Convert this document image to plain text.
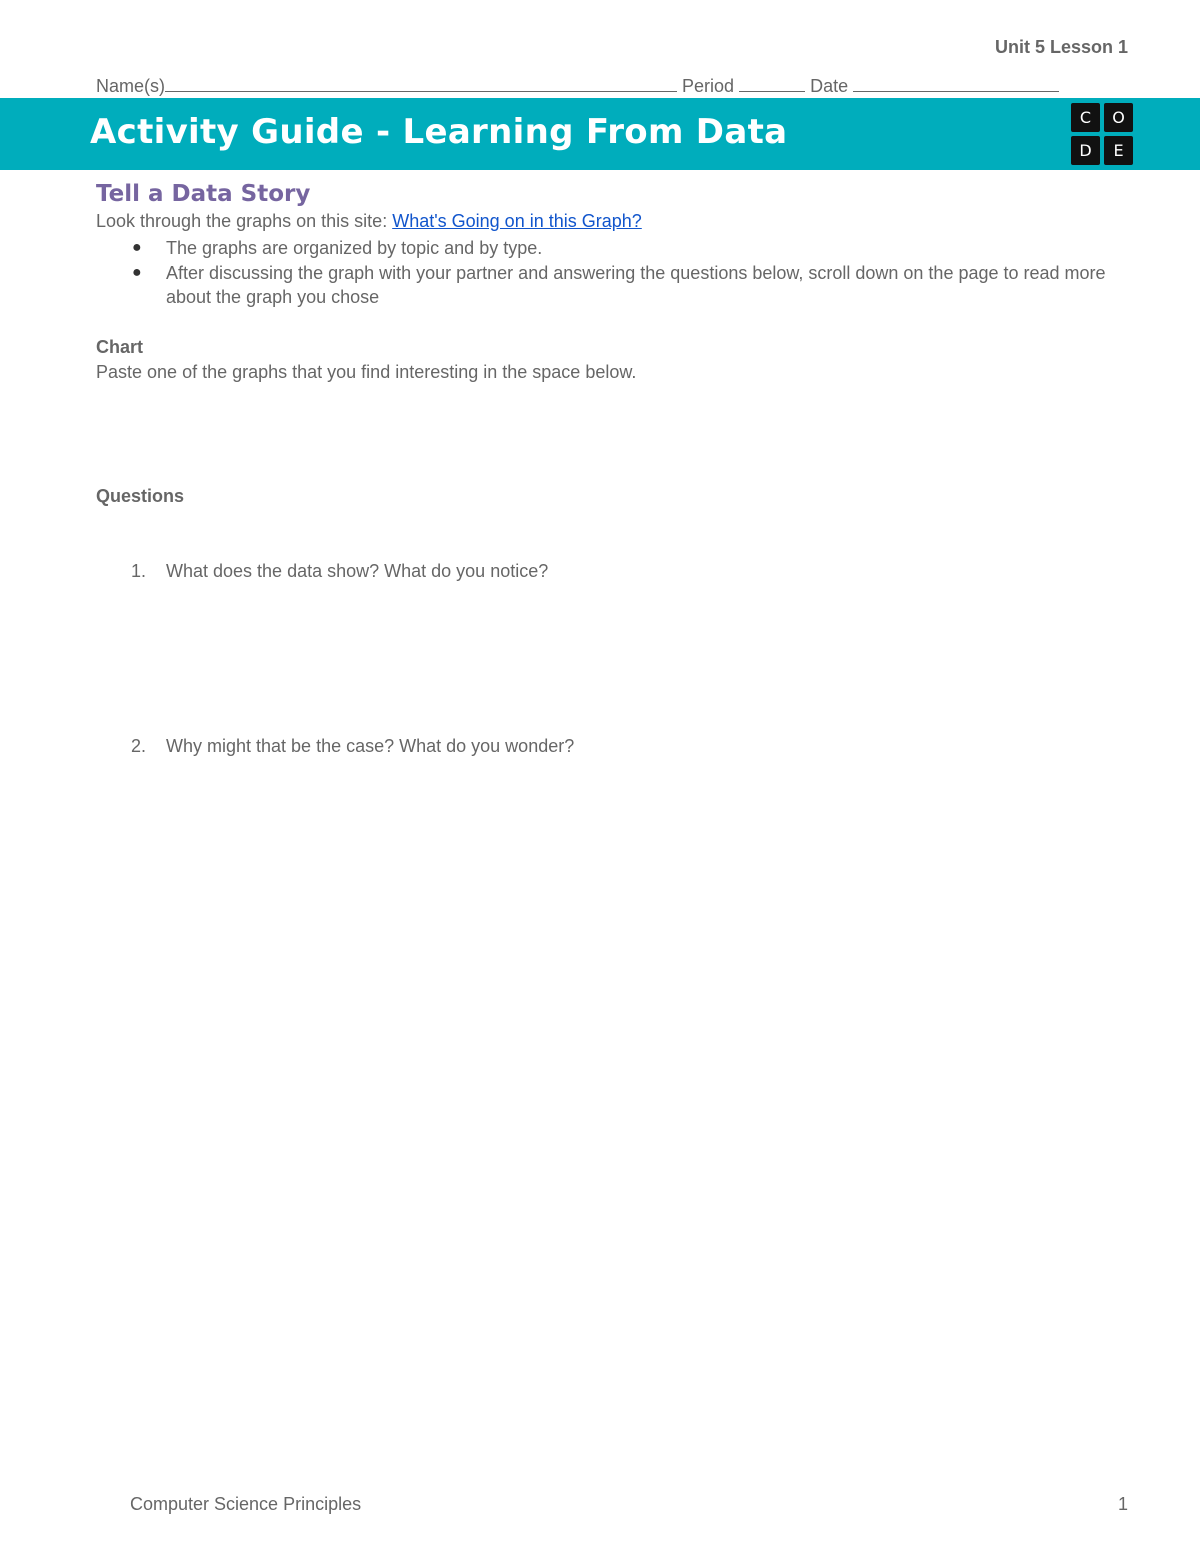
Unit 5 Lesson 1
Name(s)	Period	Date
Activity Guide - Learning From Data	C	O
D	E
Tell a Data Story
Look through the graphs on this site: What's Going on in this Graph?
● The graphs are organized by topic and by type.
● After discussing the graph with your partner and answering the questions below, scroll down on the page to read more about the graph you chose
Chart
Paste one of the graphs that you find interesting in the space below.
Questions
1. What does the data show? What do you notice?
2. Why might that be the case? What do you wonder?
Computer Science Principles	1
